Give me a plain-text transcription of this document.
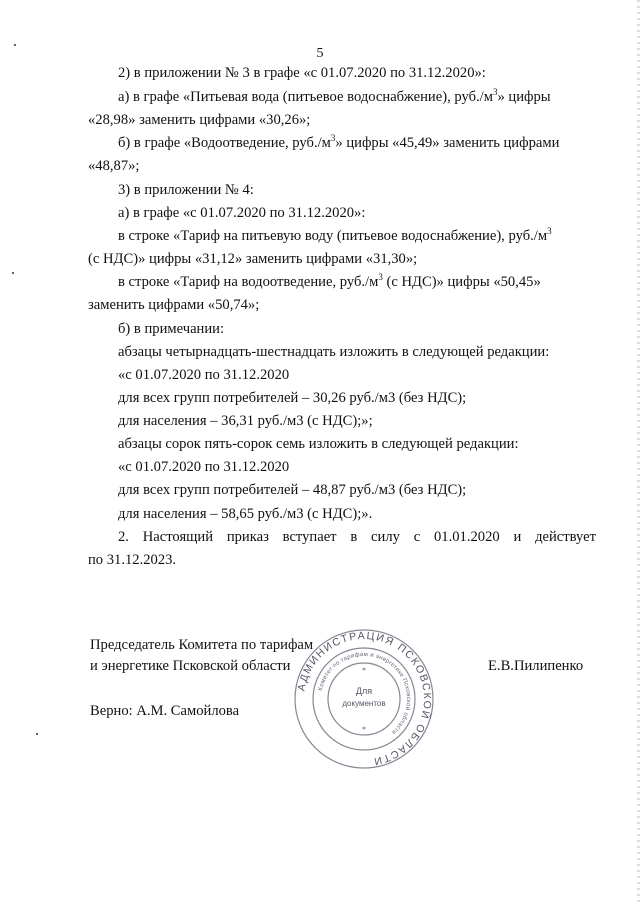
5
2) в приложении № 3 в графе «с 01.07.2020 по 31.12.2020»:
а) в графе «Питьевая вода (питьевое водоснабжение), $руб./м^3$» цифры
«28,98» заменить цифрами «30,26»;
б) в графе «Водоотведение, $руб./м^3$» цифры «45,49» заменить цифрами
«48,87»;
3) в приложении № 4:
а) в графе «с 01.07.2020 по 31.12.2020»:
в строке «Тариф на питьевую воду (питьевое водоснабжение), $руб./м^3$
(с НДС)» цифры «31,12» заменить цифрами «31,30»;
в строке «Тариф на водоотведение, $руб./м^3$ (с НДС)» цифры «50,45»
заменить цифрами «50,74»;
б) в примечании:
абзацы четырнадцать-шестнадцать изложить в следующей редакции:
«с 01.07.2020 по 31.12.2020
для всех групп потребителей – 30,26 руб./м3 (без НДС);
для населения – 36,31 руб./м3 (с НДС);»;
абзацы сорок пять-сорок семь изложить в следующей редакции:
«с 01.07.2020 по 31.12.2020
для всех групп потребителей – 48,87 руб./м3 (без НДС);
для населения – 58,65 руб./м3 (с НДС);».
2. Настоящий приказ вступает в силу с 01.01.2020 и действует
по 31.12.2023.
Председатель Комитета по тарифам
и энергетике Псковской области	Е.В.Пилипенко
Верно: А.М. Самойлова
АДМИНИСТРАЦИЯ ПСКОВСКОЙ ОБЛАСТИ
Комитет по тарифам и энергетике Псковской области
Для
документов
*
*
